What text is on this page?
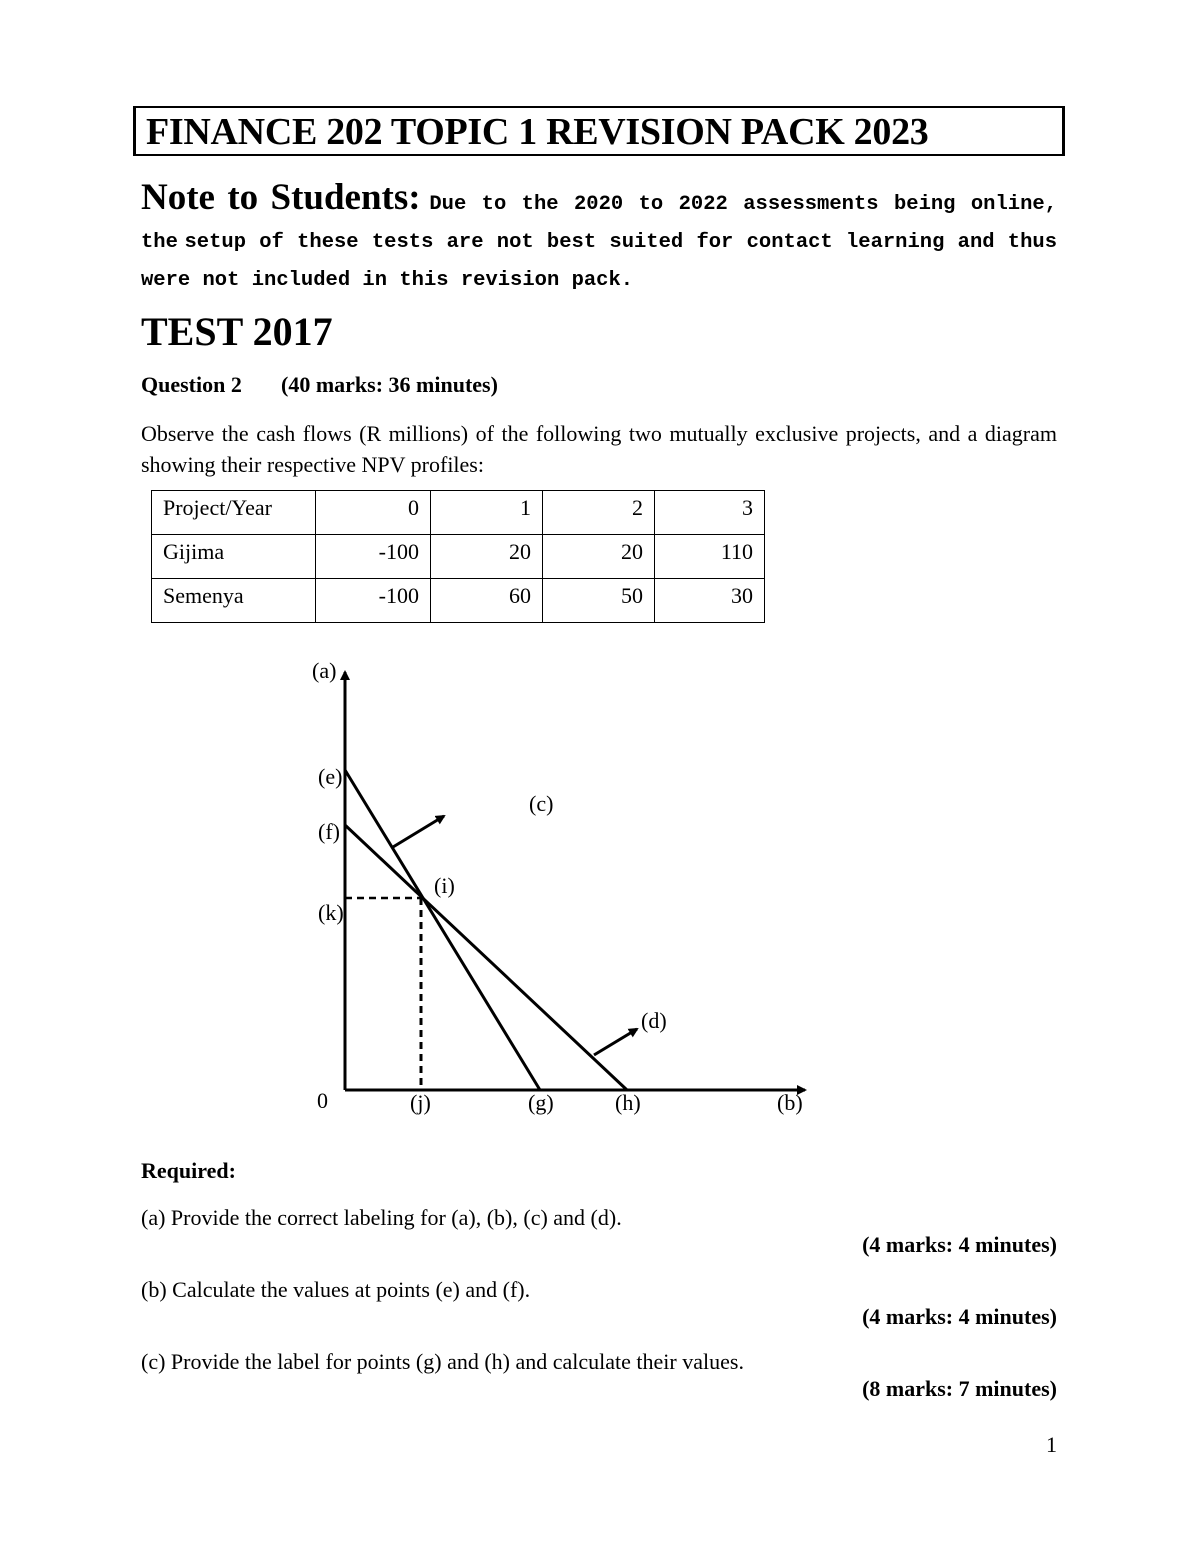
FINANCE 202 TOPIC 1 REVISION PACK 2023
Note to Students: Due to the 2020 to 2022 assessments being online, the setup of these tests are not best suited for contact learning and thus were not included in this revision pack.
TEST 2017
Question 2 (40 marks: 36 minutes)
Observe the cash flows (R millions) of the following two mutually exclusive projects, and a diagram showing their respective NPV profiles:
Project/Year	0	1	2	3
Gijima	-100	20	20	110
Semenya	-100	60	50	30
(a)
(e)
(f)
(k)
(c)
(i)
(d)
0	(j)	(g)	(h)	(b)
Required:
(a) Provide the correct labeling for (a), (b), (c) and (d).
(4 marks: 4 minutes)
(b) Calculate the values at points (e) and (f).
(4 marks: 4 minutes)
(c) Provide the label for points (g) and (h) and calculate their values.
(8 marks: 7 minutes)
1
